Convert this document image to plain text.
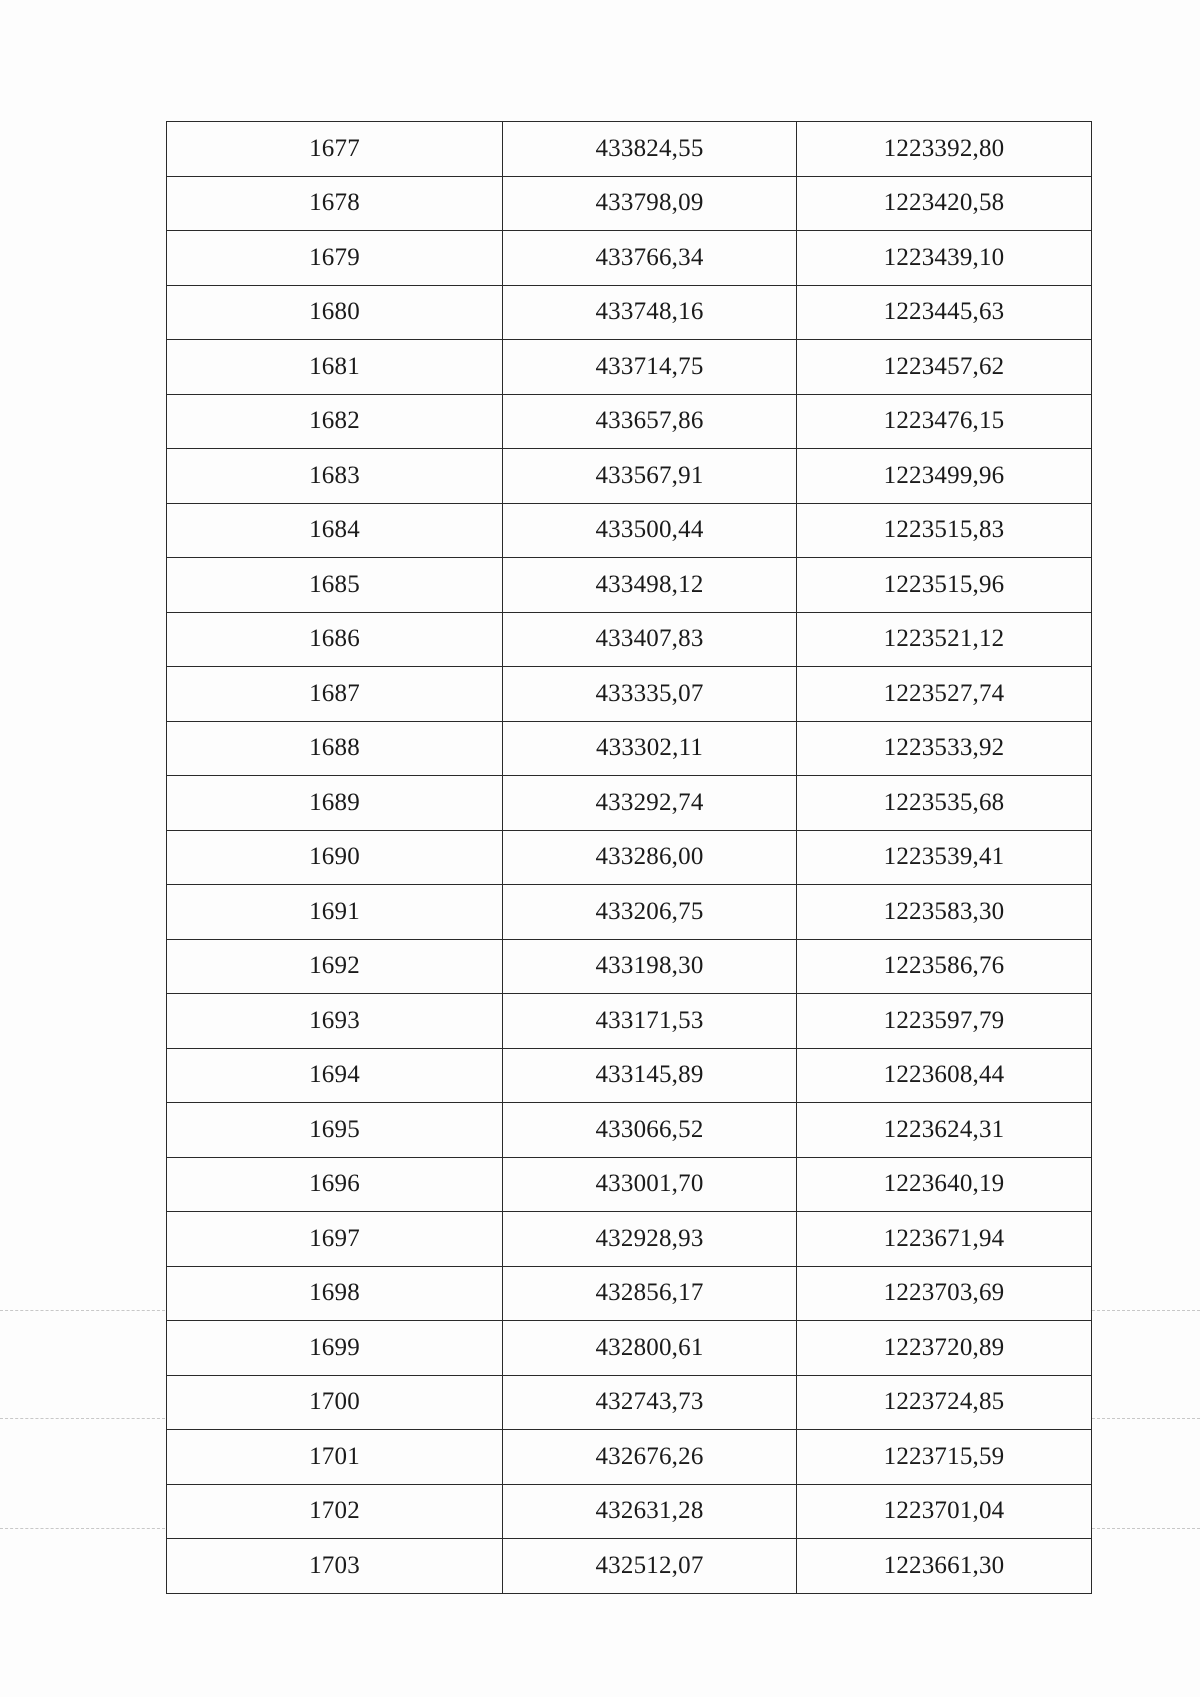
1677	433824,55	1223392,80
1678	433798,09	1223420,58
1679	433766,34	1223439,10
1680	433748,16	1223445,63
1681	433714,75	1223457,62
1682	433657,86	1223476,15
1683	433567,91	1223499,96
1684	433500,44	1223515,83
1685	433498,12	1223515,96
1686	433407,83	1223521,12
1687	433335,07	1223527,74
1688	433302,11	1223533,92
1689	433292,74	1223535,68
1690	433286,00	1223539,41
1691	433206,75	1223583,30
1692	433198,30	1223586,76
1693	433171,53	1223597,79
1694	433145,89	1223608,44
1695	433066,52	1223624,31
1696	433001,70	1223640,19
1697	432928,93	1223671,94
1698	432856,17	1223703,69
1699	432800,61	1223720,89
1700	432743,73	1223724,85
1701	432676,26	1223715,59
1702	432631,28	1223701,04
1703	432512,07	1223661,30
